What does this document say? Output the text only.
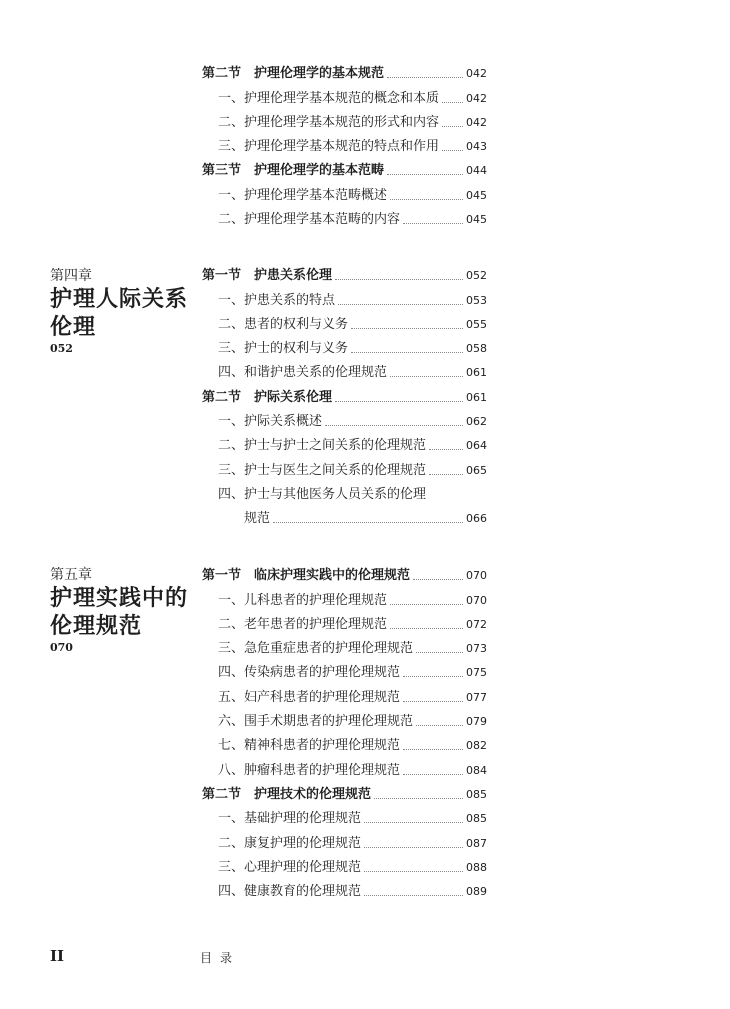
第二节　护理伦理学的基本规范	042
一、护理伦理学基本规范的概念和本质 042
二、护理伦理学基本规范的形式和内容 042
三、护理伦理学基本规范的特点和作用 043
第三节　护理伦理学的基本范畴	044
一、护理伦理学基本范畴概述	045
二、护理伦理学基本范畴的内容	045
第四章
护理人际关系
伦理
052
第一节　护患关系伦理	052
一、护患关系的特点	053
二、患者的权利与义务	055
三、护士的权利与义务	058
四、和谐护患关系的伦理规范	061
第二节　护际关系伦理	061
一、护际关系概述	062
二、护士与护士之间关系的伦理规范	064
三、护士与医生之间关系的伦理规范	065
四、护士与其他医务人员关系的伦理
规范	066
第五章
护理实践中的
伦理规范
070
第一节　临床护理实践中的伦理规范	070
一、儿科患者的护理伦理规范	070
二、老年患者的护理伦理规范	072
三、急危重症患者的护理伦理规范	073
四、传染病患者的护理伦理规范	075
五、妇产科患者的护理伦理规范	077
六、围手术期患者的护理伦理规范	079
七、精神科患者的护理伦理规范	082
八、肿瘤科患者的护理伦理规范	084
第二节　护理技术的伦理规范	085
一、基础护理的伦理规范	085
二、康复护理的伦理规范	087
三、心理护理的伦理规范	088
四、健康教育的伦理规范	089
II	目录
